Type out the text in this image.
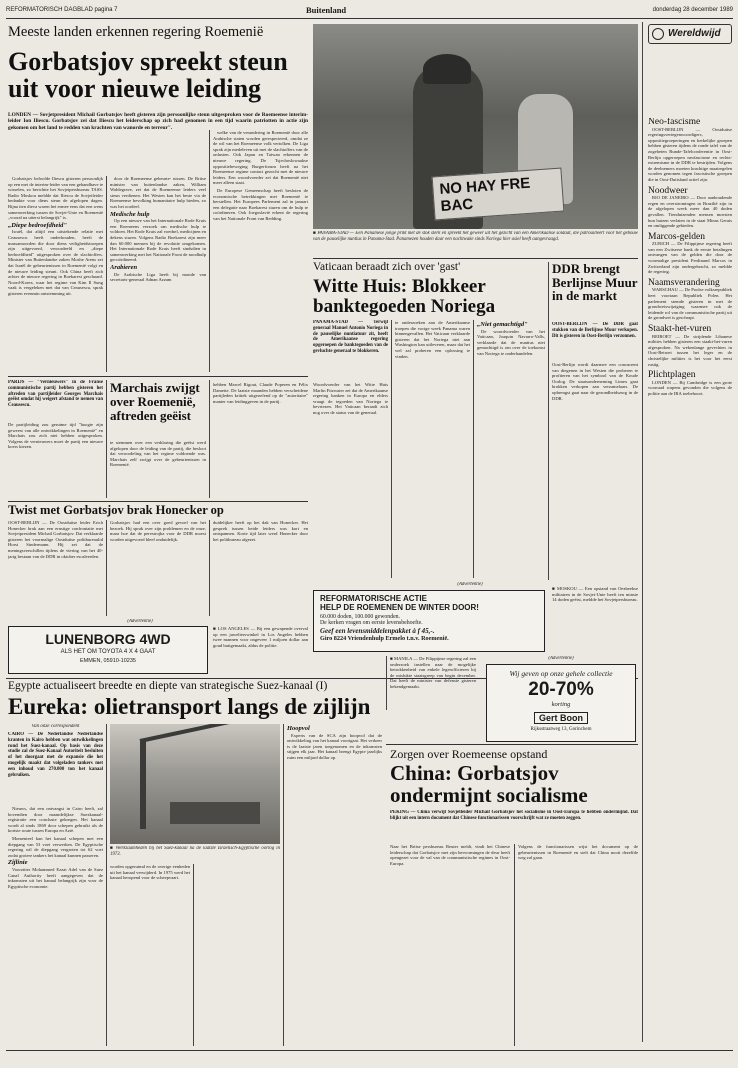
REFORMATORISCH DAGBLAD pagina 7	Buitenland	donderdag 28 december 1989
Meeste landen erkennen regering Roemenië
Gorbatsjov spreekt steun uit voor nieuwe leiding
LONDEN — Sovjetpresident Michail Gorbatsjov heeft gisteren zijn persoonlijke steun uitgesproken voor de Roemeense interim-leider Ion Iliescu. Gorbatsjov zei dat Iliescu het leiderschap op zich had genomen in een tijd waarin patriotten in actie zijn gekomen om het land te redden van krachten van wanorde en terreur".

Gorbatsjov beloofde Iliescu gisteren persoonlijk op een met de interim-leider van een gehandhave te wisselen, zo berichtte het Sovjetpersbureau TASS. Radio Moskou meldde dat Iliescu de Sovjetleider bedankte voor diens steun de afgelopen dagen. Bijna tien dieva waren het ermee eens dat een wens samenwerking tussen de Sovjet-Unie en Roemenië „vooral na uiterst belangrijk" is.

„Diepe bedroefdheid"

Israël, dat altijd een uitstekende relatie met Ceausescu heeft onderhouden, heeft de massamoorden die door diens veiligheidstroepen zijn uitgevoerd, veroordeeld en „diepe bedroefdheid" uitgesproken over de slachtoffers. Minister van Buitenlandse zaken Moshe Arens zei dat Israël de gebeurtenissen in Roemenië volgt en de nieuwe leiding steunt. Ook China heeft zich achter de nieuwe regering in Boekarest geschaard. Noord-Korea, waar het regime van Kim Il Sung vaak is vergeleken met dat van Ceausescu, sprak gisteren evenmin ontstemming uit.

door de Roemeense gebeurte- nissen. De Britse minister van buitenlandse zaken, William Waldegrave, zei dat de Roemeense leiders veel steun verdienen. Het Westen kan het beste via de Roemeense bevolking humanitaire hulp bieden, zo was het oordeel.

Medische hulp

Op een nieuwe van het Internationale Rode Kruis een Roemeens verzoek om medische hulp te voldoen. Het Rode Kruis zal voedsel, medicijnen en dekens sturen. Volgens Radio Boekarest zijn meer dan 60.000 mensen bij de revolutie omgekomen. Het Internationale Rode Kruis heeft sindsdien in samenwerking met het Nationale Front de noodhulp gecoördineerd.

Arabieren

De Arabische Liga heeft bij monde van secretaris-generaal Adnan Azzam

welke van de verandering in Roemenië door alle Arabische staten worden gerespecteerd, omdat ze de wil van het Roemeense volk vertolken. De Liga sprak zijn medeleven uit met de slachtoffers van de onlusten. Ook Japan en Taiwan erkennen de nieuwe regering. De Tsjechoslowaakse oppositiebeweging Burgerforum heeft na het Roemeense regime contact gezocht met de nieuwe leiders. Een woordvoerder zei dat Roemenië niet meer alleen staat.

De Europese Gemeenschap heeft besloten de economische betrekkingen met Roemenië te herstellen. Het Europees Parlement zal in januari een delegatie naar Boekarest sturen om de hulp te coördineren. Ook Joegoslavië erkent de regering van het Nationale Front van Redding.

NO HAY FRE BAC
■ PANAMA-STAD — Een Panamese jonge prikt met de stok sterk en spreekt het geweer uit het gezicht van een Amerikaanse soldaat, die patrouilleert voor het gebouw van de pauselijke nuntius in Panama-Stad. Panamezen houden daar een nachtwake sinds Noriega hier asiel heeft aangevraagd.
Wereldwijd
Neo-fascisme

OOST-BERLIJN — Oostduitse regeringsvertegenwoordigers, oppositiegroeperingen en kerkelijke groepen hebben gisteren tijdens de ronde tafel van de zogeheten Runde-Tafelconferentie in Oost-Berlijn opgeroepen neofascisme en rechts-extremisme in de DDR te bestrijden. Volgens de deelnemers moeten krachtige maatregelen worden genomen tegen fascistische groepen die in Oost-Duitsland actief zijn.

Noodweer

RIO DE JANEIRO — Door aanhoudende regen en overstromingen in Brazilië zijn in de afgelopen week meer dan 40 doden gevallen. Tienduizenden mensen moesten hun huizen verlaten in de staat Minas Gerais en omliggende gebieden.

Marcos-gelden

ZURICH — De Filippijnse regering heeft van een Zwitserse bank de eerste betalingen ontvangen van de gelden die door de voormalige president Ferdinand Marcos in Zwitserland zijn ondergebracht, zo meldde de regering.

Naamsverandering

WARSCHAU — De Poolse volksrepubliek heet voortaan Republiek Polen. Het parlement stemde gisteren in met de grondwetswijziging waarmee ook de leidende rol van de communistische partij uit de grondwet is geschrapt.

Staakt-het-vuren

BEIROET — De strijdende Libanese milities hebben gisteren een staakt-het-vuren afgesproken. Na wekenlange gevechten in Oost-Beiroet tussen het leger en de christelijke milities is het voor het eerst rustig.

Plichtplagen

LONDEN — Bij Cambridge is een grote voorraad wapens gevonden die volgens de politie aan de IRA toebehoort.

PARIJS — "Vernieuwers" in de Franse communistische partij hebben gisteren het aftreden van partijleider Georges Marchais geëist omdat hij weigert afstand te nemen van Ceausescu.
De partijleiding zou geruime tijd "hoogte zijn geweest van alle ontwikkelingen in Roemenië" en Marchais zou zich niet hebben uitgesproken. Volgens de vernieuwers moet de partij een nieuwe koers kiezen.
Marchais zwijgt over Roemenië, aftreden geëist
te stemmen over een verklaring die geëist werd afgelopen door de leiding van de partij, die besloot dat veroordeling van het regime voldoende was. Marchais zelf zwijgt over de gebeurtenissen in Roemenië.
hebben Marcel Rigout, Claude Poperen en Félix Damette. De laatste maanden hebben verscheidene partijleden kritiek uitgeoefend op de "autoritaire" manier van leidinggeven in de partij.
Twist met Gorbatsjov brak Honecker op
OOST-BERLIJN — De Oostduitse leider Erich Honecker brak aan een ernstige confrontatie met Sovjetpresident Michail Gorbatsjov. Dat verklaarde gisteren het voormalige Oostduitse politbureaulid Horst Sindermann. Hij zei dat de meningsverschillen tijdens de viering van het 40-jarig bestaan van de DDR in oktober escaleerden.
Gorbatsjov had een over goed gevoel van het bezoek. Hij sprak over zijn problemen en de onze, maar hoe dat de perestrojka voor de DDR moest worden uitgevoerd bleef onduidelijk.
duidelijker heeft op het dak van Honecker. Het gesprek tussen beide leiders was kort en ontspannen. Korte tijd later werd Honecker door het politbureau afgezet.
(Advertentie)
LUNENBORG 4WD
ALS HET OM TOYOTA 4 X 4 GAAT
EMMEN, 05910-10235
■ LOS ANGELES — Bij een gewapende overval op een juwelierswinkel in Los Angeles hebben twee mannen voor ongeveer 1 miljoen dollar aan goud buitgemaakt, aldus de politie.
Vaticaan beraadt zich over 'gast'
Witte Huis: Blokkeer banktegoeden Noriega
PANAMA-STAD — Terwijl generaal Manuel Antonio Noriega in de pauselijke nuntiatuur zit, heeft de Amerikaanse regering opgeroepen de banktegoeden van de gevluchte generaal te blokkeren.
Woordvoerder van het Witte Huis Marlin Fitzwater zei dat de Amerikaanse regering banken in Europa en elders vraagt de tegoeden van Noriega te bevriezen. Het Vaticaan beraadt zich nog over de status van de generaal.
te onderzoeken aan de Amerikaanse troepen die vorige week Panama waren binnengevallen. Het Vaticaan verklaarde gisteren dat het Noriega niet aan Washington kan uitleveren, maar dat het wel zal proberen een oplossing te vinden.
„Niet gemachtigd"

De woordvoerder van het Vaticaan, Joaquin Navarro-Valls, verklaarde dat de nuntius niet gemachtigd is om over de toekomst van Noriega te onderhandelen.

DDR brengt Berlijnse Muur in de markt
OOST-BERLIJN — De DDR gaat stukken van de Berlijnse Muur verkopen. Dit is gisteren in Oost-Berlijn verzonnen.
Oost-Berlijn wordt daarmee een concurrent van diegenen in het Westen die proberen te profiteren van het symbool van de Koude Oorlog. De staatsonderneming Limex gaat brokken verkopen aan verzamelaars. De opbrengst gaat naar de gezondheidszorg in de DDR.
(Advertentie)
REFORMATORISCHE ACTIE
HELP DE ROEMENEN DE WINTER DOOR!
60.000 doden, 100.000 gewonden.
De kerken vragen om eerste levensbehoefte.
Geef een levensmiddelenpakket à f 45,-.
Giro 8224 Vriendenhulp Ermelo t.n.v. Roemenië.
■ MOSKOU — Een opstand van Oezbeekse militairen in de Sovjet-Unie heeft ten minste 14 doden geëist, meldde het Sovjetpersbureau.
Egypte actualiseert breedte en diepte van strategische Suez-kanaal (I)
Eureka: olietransport langs de zijlijn
Van onze correspondent
CAIRO — De Nederlandse Nederlandse kranten in Kairo hebben wat ontwikkelingen rond het Suez-kanaal. Op basis van deze studie zal de Suez-Kanaal Autoriteit besluiten of het doorgaat met de expansie die het mogelijk maakt dat volgeladen tankers met een inhoud van 270.000 ton het kanaal gebruiken.

Nieuws, dat een ontvangst in Cairo heeft, zal bovendien door maandelijkse Suezkanaal-registratie een conclusie gekregen. Het kanaal wordt al sinds 1869 door schepen gebruikt als de kortste route tussen Europa en Azië.

Momenteel kan het kanaal schepen met een diepgang van 53 voet verwerken. De Egyptische regering wil de diepgang vergroten tot 62 voet zodat grotere tankers het kanaal kunnen passeren.

Zijlinie

Voorzitter Mohammed Ezzat Adel van de Suez Canal Authority heeft aangegeven dat de inkomsten uit het kanaal belangrijk zijn voor de Egyptische economie.

■ Werkzaamheden bij het Suez-kanaal na de laatste Israëlisch-Egyptische oorlog in 1973.
worden opgeruimd en de overige eenheden uit het kanaal verwijderd. In 1975 werd het kanaal heropend voor de scheepvaart.
Hoopvol

Experts van de SCA zijn hoopvol dat de ontwikkeling van het kanaal voortgaat. Het verkeer is de laatste jaren toegenomen en de inkomsten stijgen elk jaar. Het kanaal brengt Egypte jaarlijks ruim een miljard dollar op.

■ MANILA — De Filippijnse regering zal een onderzoek instellen naar de mogelijke betrokkenheid van enkele legerofficieren bij de mislukte staatsgreep van begin december. Dat heeft de minister van defensie gisteren bekendgemaakt.
(Advertentie)
Wij geven op onze gehele collectie
20-70%
korting
Gert Boon
Rijksstraatweg 13, Gorinchem
Zorgen over Roemeense opstand
China: Gorbatsjov ondermijnt socialisme
PEKING — China verwijt Sovjetleider Michail Gorbatsjov het socialisme in Oost-Europa te hebben ondermijnd. Dat blijkt uit een intern document dat Chinese functionarissen voorschrijft wat ze moeten zeggen.
Naar het Britse persbureau Reuter meldt, vindt het Chinese leiderschap dat Gorbatsjov met zijn hervormingen de deur heeft opengezet voor de val van de communistische regimes in Oost-Europa.
Volgens de functionarissen wijst het document op de gebeurtenissen in Roemenië en stelt dat China nooit dezelfde weg zal gaan.
